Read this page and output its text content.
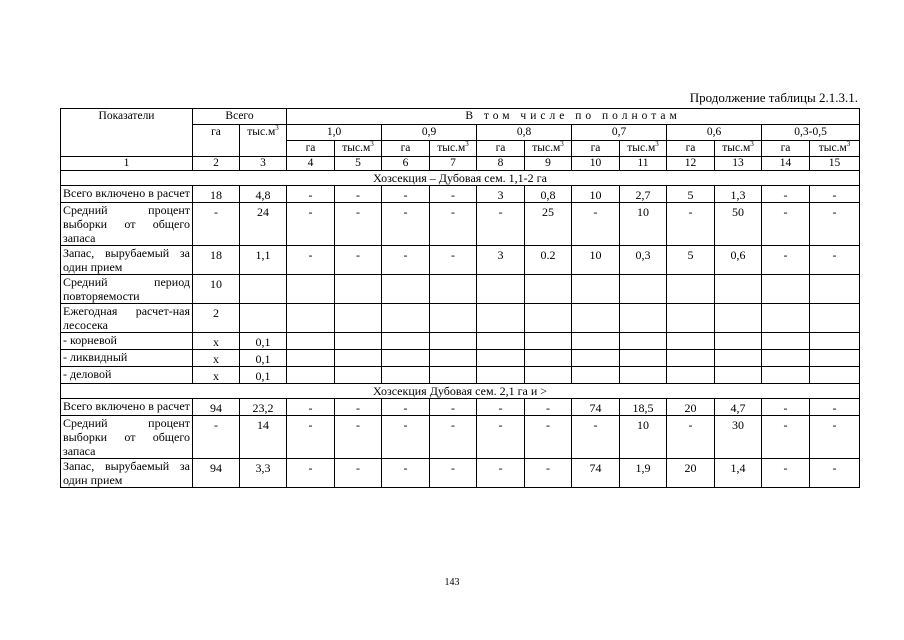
Продолжение таблицы 2.1.3.1.
Показатели	Всего		В том числе по полнотам											
	га	$тыс.м^3$	1,0		0,9		0,8		0,7		0,6		0,3-0,5	
			га	$тыс.м^3$	га	$тыс.м^3$	га	$тыс.м^3$	га	$тыс.м^3$	га	$тыс.м^3$	га	$тыс.м^3$
1	2	3	4	5	6	7	8	9	10	11	12	13	14	15
Хозсекция – Дубовая сем. 1,1-2 га														
Всего включено в расчет	18	4,8	-	-	-	-	3	0,8	10	2,7	5	1,3	-	-
Средний процент выборки от общего запаса	-	24	-	-	-	-	-	25	-	10	-	50	-	-
Запас, вырубаемый за один прием	18	1,1	-	-	-	-	3	0.2	10	0,3	5	0,6	-	-
Средний период повторяемости	10													
Ежегодная расчет-ная лесосека	2													
- корневой	x	0,1												
- ликвидный	x	0,1												
- деловой	x	0,1												
Хозсекция Дубовая сем. 2,1 га и >														
Всего включено в расчет	94	23,2	-	-	-	-	-	-	74	18,5	20	4,7	-	-
Средний процент выборки от общего запаса	-	14	-	-	-	-	-	-	-	10	-	30	-	-
Запас, вырубаемый за один прием	94	3,3	-	-	-	-	-	-	74	1,9	20	1,4	-	-
143
